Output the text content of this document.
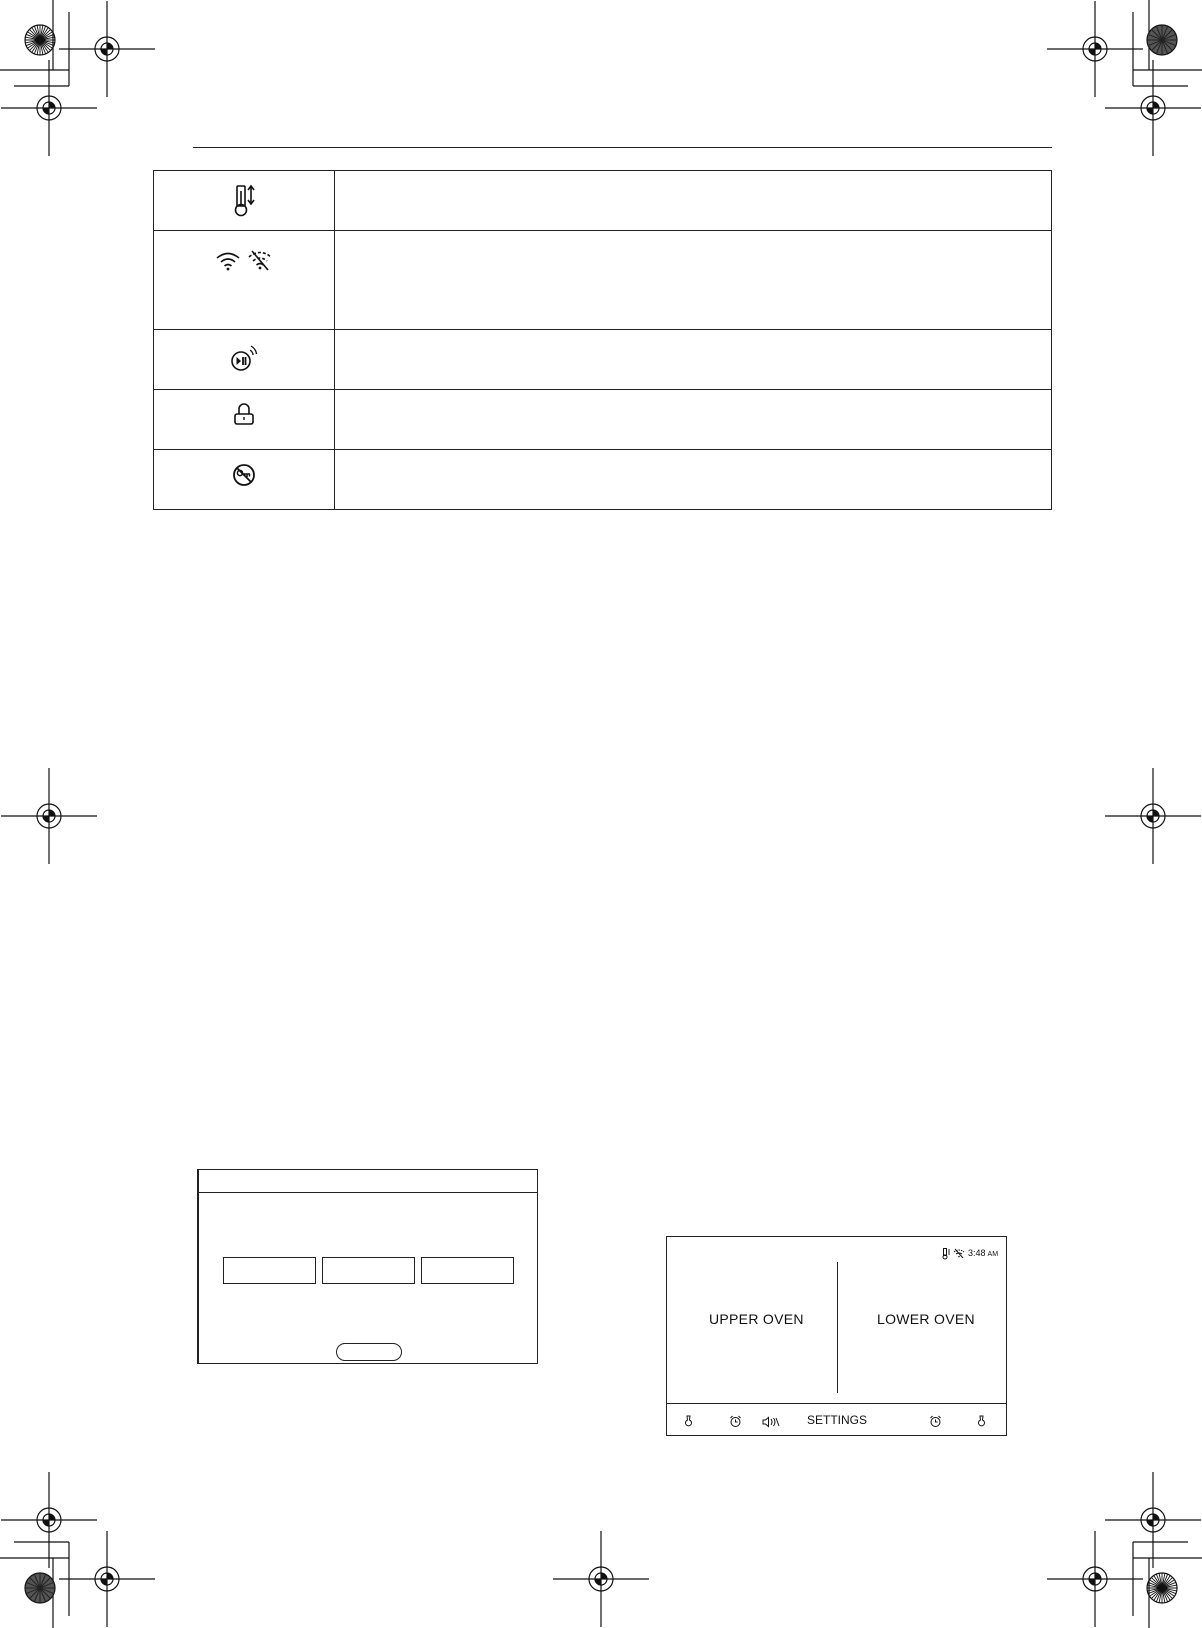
3:48 AM
UPPER OVEN	LOWER OVEN
SETTINGS
